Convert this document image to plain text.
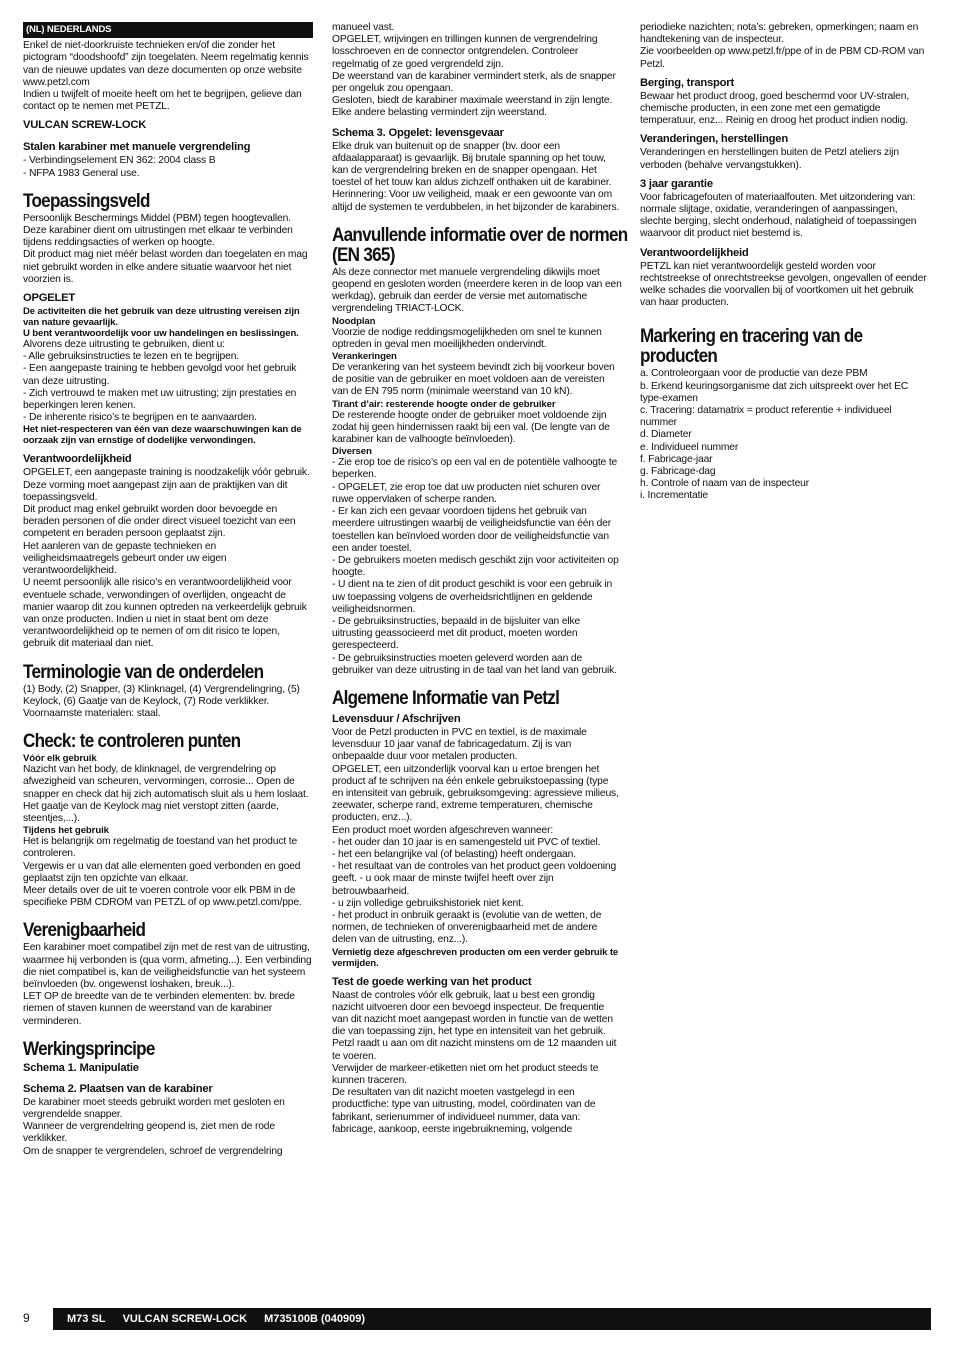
(NL) NEDERLANDS

Enkel de niet-doorkruiste technieken en/of die zonder het pictogram “doodshoofd” zijn toegelaten. Neem regelmatig kennis van de nieuwe updates van deze documenten op onze website www.petzl.com

Indien u twijfelt of moeite heeft om het te begrijpen, gelieve dan contact op te nemen met PETZL.

VULCAN SCREW-LOCK
Stalen karabiner met manuele vergrendeling

- Verbindingselement EN 362: 2004 class B

- NFPA 1983 General use.

Toepassingsveld

Persoonlijk Beschermings Middel (PBM) tegen hoogtevallen. Deze karabiner dient om uitrustingen met elkaar te verbinden tijdens reddingsacties of werken op hoogte.

Dit product mag niet méér belast worden dan toegelaten en mag niet gebruikt worden in elke andere situatie waarvoor het niet voorzien is.

OPGELET

De activiteiten die het gebruik van deze uitrusting vereisen zijn van nature gevaarlijk.

U bent verantwoordelijk voor uw handelingen en beslissingen.

Alvorens deze uitrusting te gebruiken, dient u:

- Alle gebruiksinstructies te lezen en te begrijpen.

- Een aangepaste training te hebben gevolgd voor het gebruik van deze uitrusting.

- Zich vertrouwd te maken met uw uitrusting; zijn prestaties en beperkingen leren kenen.

- De inherente risico’s te begrijpen en te aanvaarden.

Het niet-respecteren van één van deze waarschuwingen kan de oorzaak zijn van ernstige of dodelijke verwondingen.

Verantwoordelijkheid

OPGELET, een aangepaste training is noodzakelijk vóór gebruik. Deze vorming moet aangepast zijn aan de praktijken van dit toepassingsveld.

Dit product mag enkel gebruikt worden door bevoegde en beraden personen of die onder direct visueel toezicht van een competent en beraden persoon geplaatst zijn.

Het aanleren van de gepaste technieken en veiligheidsmaatregels gebeurt onder uw eigen verantwoordelijkheid.

U neemt persoonlijk alle risico’s en verantwoordelijkheid voor eventuele schade, verwondingen of overlijden, ongeacht de manier waarop dit zou kunnen optreden na verkeerdelijk gebruik van onze producten. Indien u niet in staat bent om deze verantwoordelijkheid op te nemen of om dit risico te lopen, gebruik dit materiaal dan niet.

Terminologie van de onderdelen

(1) Body, (2) Snapper, (3) Klinknagel, (4) Vergrendelingring, (5) Keylock, (6) Gaatje van de Keylock, (7) Rode verklikker.

Voornaamste materialen: staal.

Check: te controleren punten
Vóór elk gebruik

Nazicht van het body, de klinknagel, de vergrendelring op afwezigheid van scheuren, vervormingen, corrosie... Open de snapper en check dat hij zich automatisch sluit als u hem loslaat. Het gaatje van de Keylock mag niet verstopt zitten (aarde, steentjes,...).

Tijdens het gebruik

Het is belangrijk om regelmatig de toestand van het product te controleren.

Vergewis er u van dat alle elementen goed verbonden en goed geplaatst zijn ten opzichte van elkaar.

Meer details over de uit te voeren controle voor elk PBM in de specifieke PBM CDROM van PETZL of op www.petzl.com/ppe.

Verenigbaarheid

Een karabiner moet compatibel zijn met de rest van de uitrusting, waarmee hij verbonden is (qua vorm, afmeting...). Een verbinding die niet compatibel is, kan de veiligheidsfunctie van het systeem beïnvloeden (bv. ongewenst loshaken, breuk...).

LET OP de breedte van de te verbinden elementen: bv. brede riemen of staven kunnen de weerstand van de karabiner verminderen.

Werkingsprincipe
Schema 1. Manipulatie
Schema 2. Plaatsen van de karabiner

De karabiner moet steeds gebruikt worden met gesloten en vergrendelde snapper.

Wanneer de vergrendelring geopend is, ziet men de rode verklikker.

Om de snapper te vergrendelen, schroef de vergrendelring

manueel vast.

OPGELET, wrijvingen en trillingen kunnen de vergrendelring losschroeven en de connector ontgrendelen. Controleer regelmatig of ze goed vergrendeld zijn.

De weerstand van de karabiner vermindert sterk, als de snapper per ongeluk zou opengaan.

Gesloten, biedt de karabiner maximale weerstand in zijn lengte. Elke andere belasting vermindert zijn weerstand.

Schema 3. Opgelet: levensgevaar

Elke druk van buitenuit op de snapper (bv. door een afdaalapparaat) is gevaarlijk. Bij brutale spanning op het touw, kan de vergrendelring breken en de snapper opengaan. Het toestel of het touw kan aldus zichzelf onthaken uit de karabiner.

Herinnering: Voor uw veiligheid, maak er een gewoonte van om altijd de systemen te verdubbelen, in het bijzonder de karabiners.

Aanvullende informatie over de normen (EN 365)

Als deze connector met manuele vergrendeling dikwijls moet geopend en gesloten worden (meerdere keren in de loop van een werkdag), gebruik dan eerder de versie met automatische vergrendeling TRIACT-LOCK.

Noodplan

Voorzie de nodige reddingsmogelijkheden om snel te kunnen optreden in geval men moeilijkheden ondervindt.

Verankeringen

De verankering van het systeem bevindt zich bij voorkeur boven de positie van de gebruiker en moet voldoen aan de vereisten van de EN 795 norm (minimale weerstand van 10 kN).

Tirant d’air: resterende hoogte onder de gebruiker

De resterende hoogte onder de gebruiker moet voldoende zijn zodat hij geen hindernissen raakt bij een val. (De lengte van de karabiner kan de valhoogte beïnvloeden).

Diversen

- Zie erop toe de risico’s op een val en de potentiële valhoogte te beperken.

- OPGELET, zie erop toe dat uw producten niet schuren over ruwe oppervlaken of scherpe randen.

- Er kan zich een gevaar voordoen tijdens het gebruik van meerdere uitrustingen waarbij de veiligheidsfunctie van één der toestellen kan beïnvloed worden door de veiligheidsfunctie van een ander toestel.

- De gebruikers moeten medisch geschikt zijn voor activiteiten op hoogte.

- U dient na te zien of dit product geschikt is voor een gebruik in uw toepassing volgens de overheidsrichtlijnen en geldende veiligheidsnormen.

- De gebruiksinstructies, bepaald in de bijsluiter van elke uitrusting geassocieerd met dit product, moeten worden gerespecteerd.

- De gebruiksinstructies moeten geleverd worden aan de gebruiker van deze uitrusting in de taal van het land van gebruik.

Algemene Informatie van Petzl
Levensduur / Afschrijven

Voor de Petzl producten in PVC en textiel, is de maximale levensduur 10 jaar vanaf de fabricagedatum. Zij is van onbepaalde duur voor metalen producten.

OPGELET, een uitzonderlijk voorval kan u ertoe brengen het product af te schrijven na één enkele gebruikstoepassing (type en intensiteit van gebruik, gebruiksomgeving: agressieve milieus, zeewater, scherpe rand, extreme temperaturen, chemische producten, enz...).

Een product moet worden afgeschreven wanneer:

- het ouder dan 10 jaar is en samengesteld uit PVC of textiel.

- het een belangrijke val (of belasting) heeft ondergaan.

- het resultaat van de controles van het product geen voldoening geeft. - u ook maar de minste twijfel heeft over zijn betrouwbaarheid.

- u zijn volledige gebruikshistoriek niet kent.

- het product in onbruik geraakt is (evolutie van de wetten, de normen, de technieken of onverenigbaarheid met de andere delen van de uitrusting, enz...).

Vernietig deze afgeschreven producten om een verder gebruik te vermijden.

Test de goede werking van het product

Naast de controles vóór elk gebruik, laat u best een grondig nazicht uitvoeren door een bevoegd inspecteur. De frequentie van dit nazicht moet aangepast worden in functie van de wetten die van toepassing zijn, het type en intensiteit van het gebruik. Petzl raadt u aan om dit nazicht minstens om de 12 maanden uit te voeren.

Verwijder de markeer-etiketten niet om het product steeds te kunnen traceren.

De resultaten van dit nazicht moeten vastgelegd in een productfiche: type van uitrusting, model, coördinaten van de fabrikant, serienummer of individueel nummer, data van: fabricage, aankoop, eerste ingebruikneming, volgende

periodieke nazichten; nota’s: gebreken, opmerkingen; naam en handtekening van de inspecteur.

Zie voorbeelden op www.petzl.fr/ppe of in de PBM CD-ROM van Petzl.

Berging, transport

Bewaar het product droog, goed beschermd voor UV-stralen, chemische producten, in een zone met een gematigde temperatuur, enz... Reinig en droog het product indien nodig.

Veranderingen, herstellingen

Veranderingen en herstellingen buiten de Petzl ateliers zijn verboden (behalve vervangstukken).

3 jaar garantie

Voor fabricagefouten of materiaalfouten. Met uitzondering van: normale slijtage, oxidatie, veranderingen of aanpassingen, slechte berging, slecht onderhoud, nalatigheid of toepassingen waarvoor dit product niet bestemd is.

Verantwoordelijkheid

PETZL kan niet verantwoordelijk gesteld worden voor rechtstreekse of onrechtstreekse gevolgen, ongevallen of eender welke schades die voorvallen bij of voortkomen uit het gebruik van haar producten.

Markering en tracering van de producten

a. Controleorgaan voor de productie van deze PBM

b. Erkend keuringsorganisme dat zich uitspreekt over het EC type-examen

c. Tracering: datamatrix = product referentie + individueel nummer

d. Diameter

e. Individueel nummer

f. Fabricage-jaar

g. Fabricage-dag

h. Controle of naam van de inspecteur

i. Incrementatie

9	M73 SL VULCAN SCREW-LOCK M735100B (040909)
